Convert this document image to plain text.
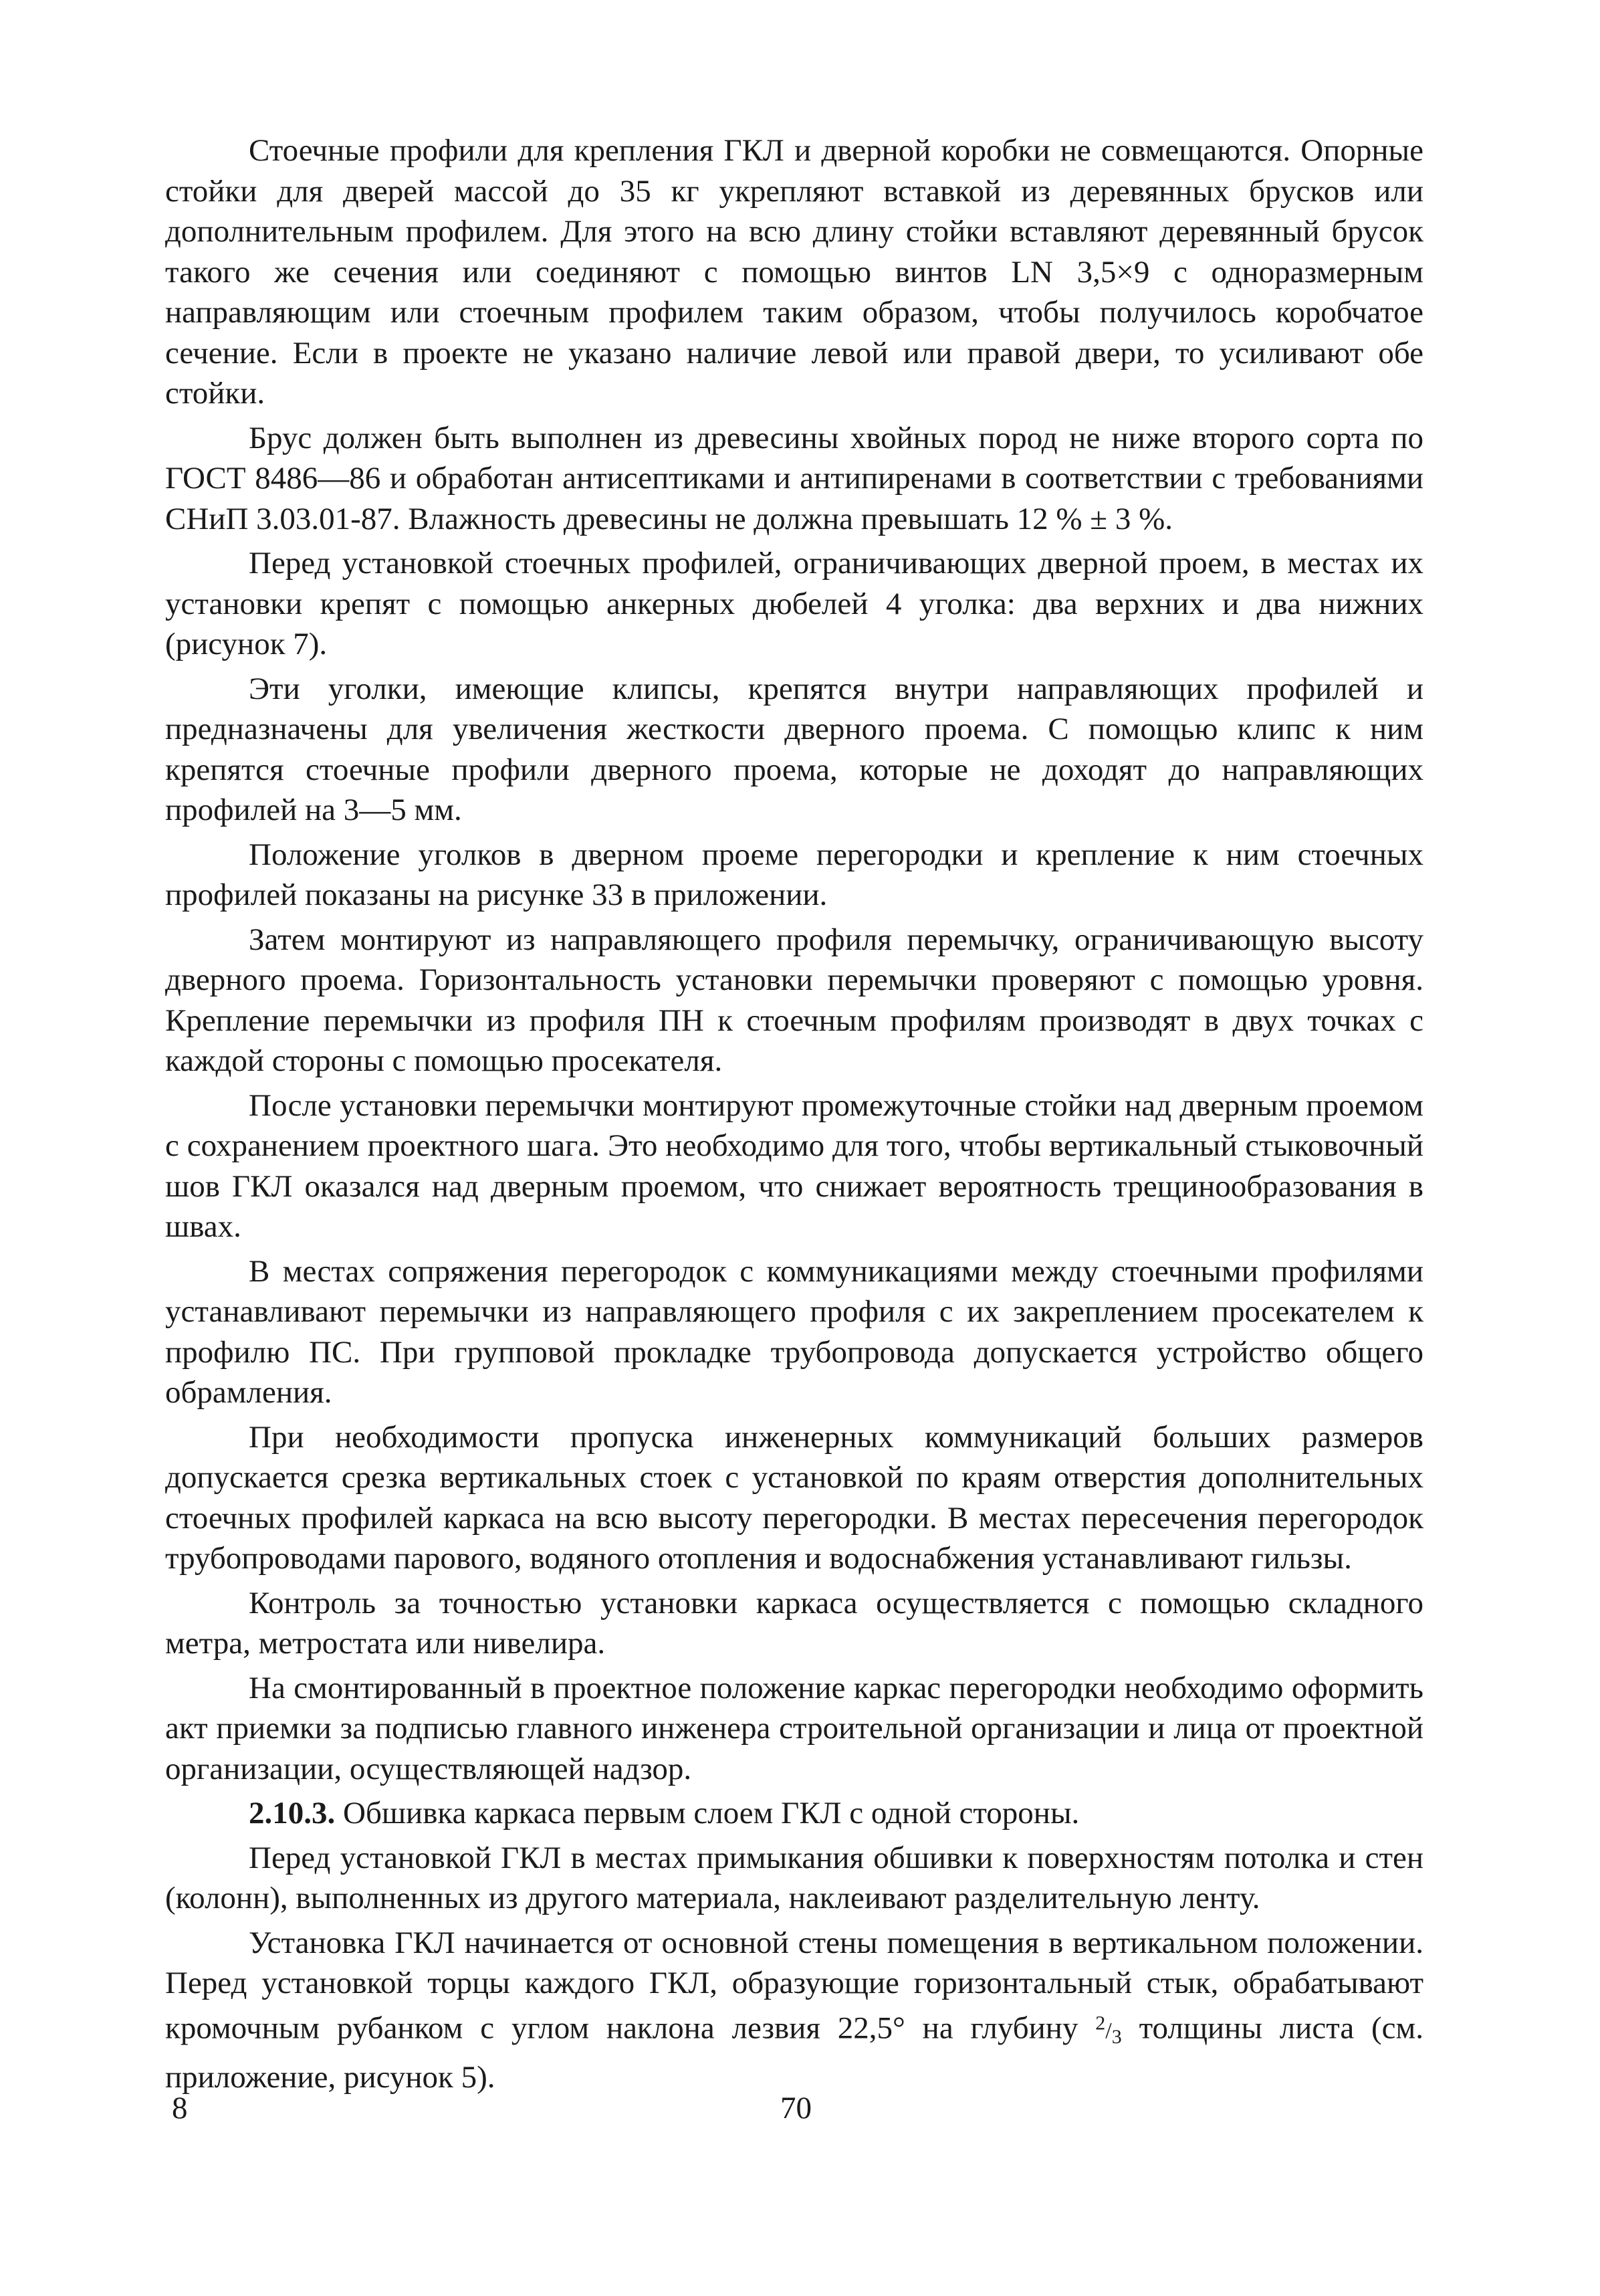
Стоечные профили для крепления ГКЛ и дверной коробки не совмещаются. Опорные стойки для дверей массой до 35 кг укрепляют вставкой из деревянных брусков или дополнительным профилем. Для этого на всю длину стойки вставляют деревянный брусок такого же сечения или соединяют с помощью винтов LN 3,5×9 с одноразмерным направляющим или стоечным профилем таким образом, чтобы получилось коробчатое сечение. Если в проекте не указано наличие левой или правой двери, то усиливают обе стойки.

Брус должен быть выполнен из древесины хвойных пород не ниже второго сорта по ГОСТ 8486—86 и обработан антисептиками и антипиренами в соответствии с требованиями СНиП 3.03.01-87. Влажность древесины не должна превышать 12 % ± 3 %.

Перед установкой стоечных профилей, ограничивающих дверной проем, в местах их установки крепят с помощью анкерных дюбелей 4 уголка: два верхних и два нижних (рисунок 7).

Эти уголки, имеющие клипсы, крепятся внутри направляющих профилей и предназначены для увеличения жесткости дверного проема. С помощью клипс к ним крепятся стоечные профили дверного проема, которые не доходят до направляющих профилей на 3—5 мм.

Положение уголков в дверном проеме перегородки и крепление к ним стоечных профилей показаны на рисунке 33 в приложении.

Затем монтируют из направляющего профиля перемычку, ограничивающую высоту дверного проема. Горизонтальность установки перемычки проверяют с помощью уровня. Крепление перемычки из профиля ПН к стоечным профилям производят в двух точках с каждой стороны с помощью просекателя.

После установки перемычки монтируют промежуточные стойки над дверным проемом с сохранением проектного шага. Это необходимо для того, чтобы вертикальный стыковочный шов ГКЛ оказался над дверным проемом, что снижает вероятность трещинообразования в швах.

В местах сопряжения перегородок с коммуникациями между стоечными профилями устанавливают перемычки из направляющего профиля с их закреплением просекателем к профилю ПС. При групповой прокладке трубопровода допускается устройство общего обрамления.

При необходимости пропуска инженерных коммуникаций больших размеров допускается срезка вертикальных стоек с установкой по краям отверстия дополнительных стоечных профилей каркаса на всю высоту перегородки. В местах пересечения перегородок трубопроводами парового, водяного отопления и водоснабжения устанавливают гильзы.

Контроль за точностью установки каркаса осуществляется с помощью складного метра, метростата или нивелира.

На смонтированный в проектное положение каркас перегородки необходимо оформить акт приемки за подписью главного инженера строительной организации и лица от проектной организации, осуществляющей надзор.

2.10.3. Обшивка каркаса первым слоем ГКЛ с одной стороны.

Перед установкой ГКЛ в местах примыкания обшивки к поверхностям потолка и стен (колонн), выполненных из другого материала, наклеивают разделительную ленту.

Установка ГКЛ начинается от основной стены помещения в вертикальном положении. Перед установкой торцы каждого ГКЛ, образующие горизонтальный стык, обрабатывают кромочным рубанком с углом наклона лезвия 22,5° на глубину $^2/_3$ толщины листа (см. приложение, рисунок 5).

8	70
